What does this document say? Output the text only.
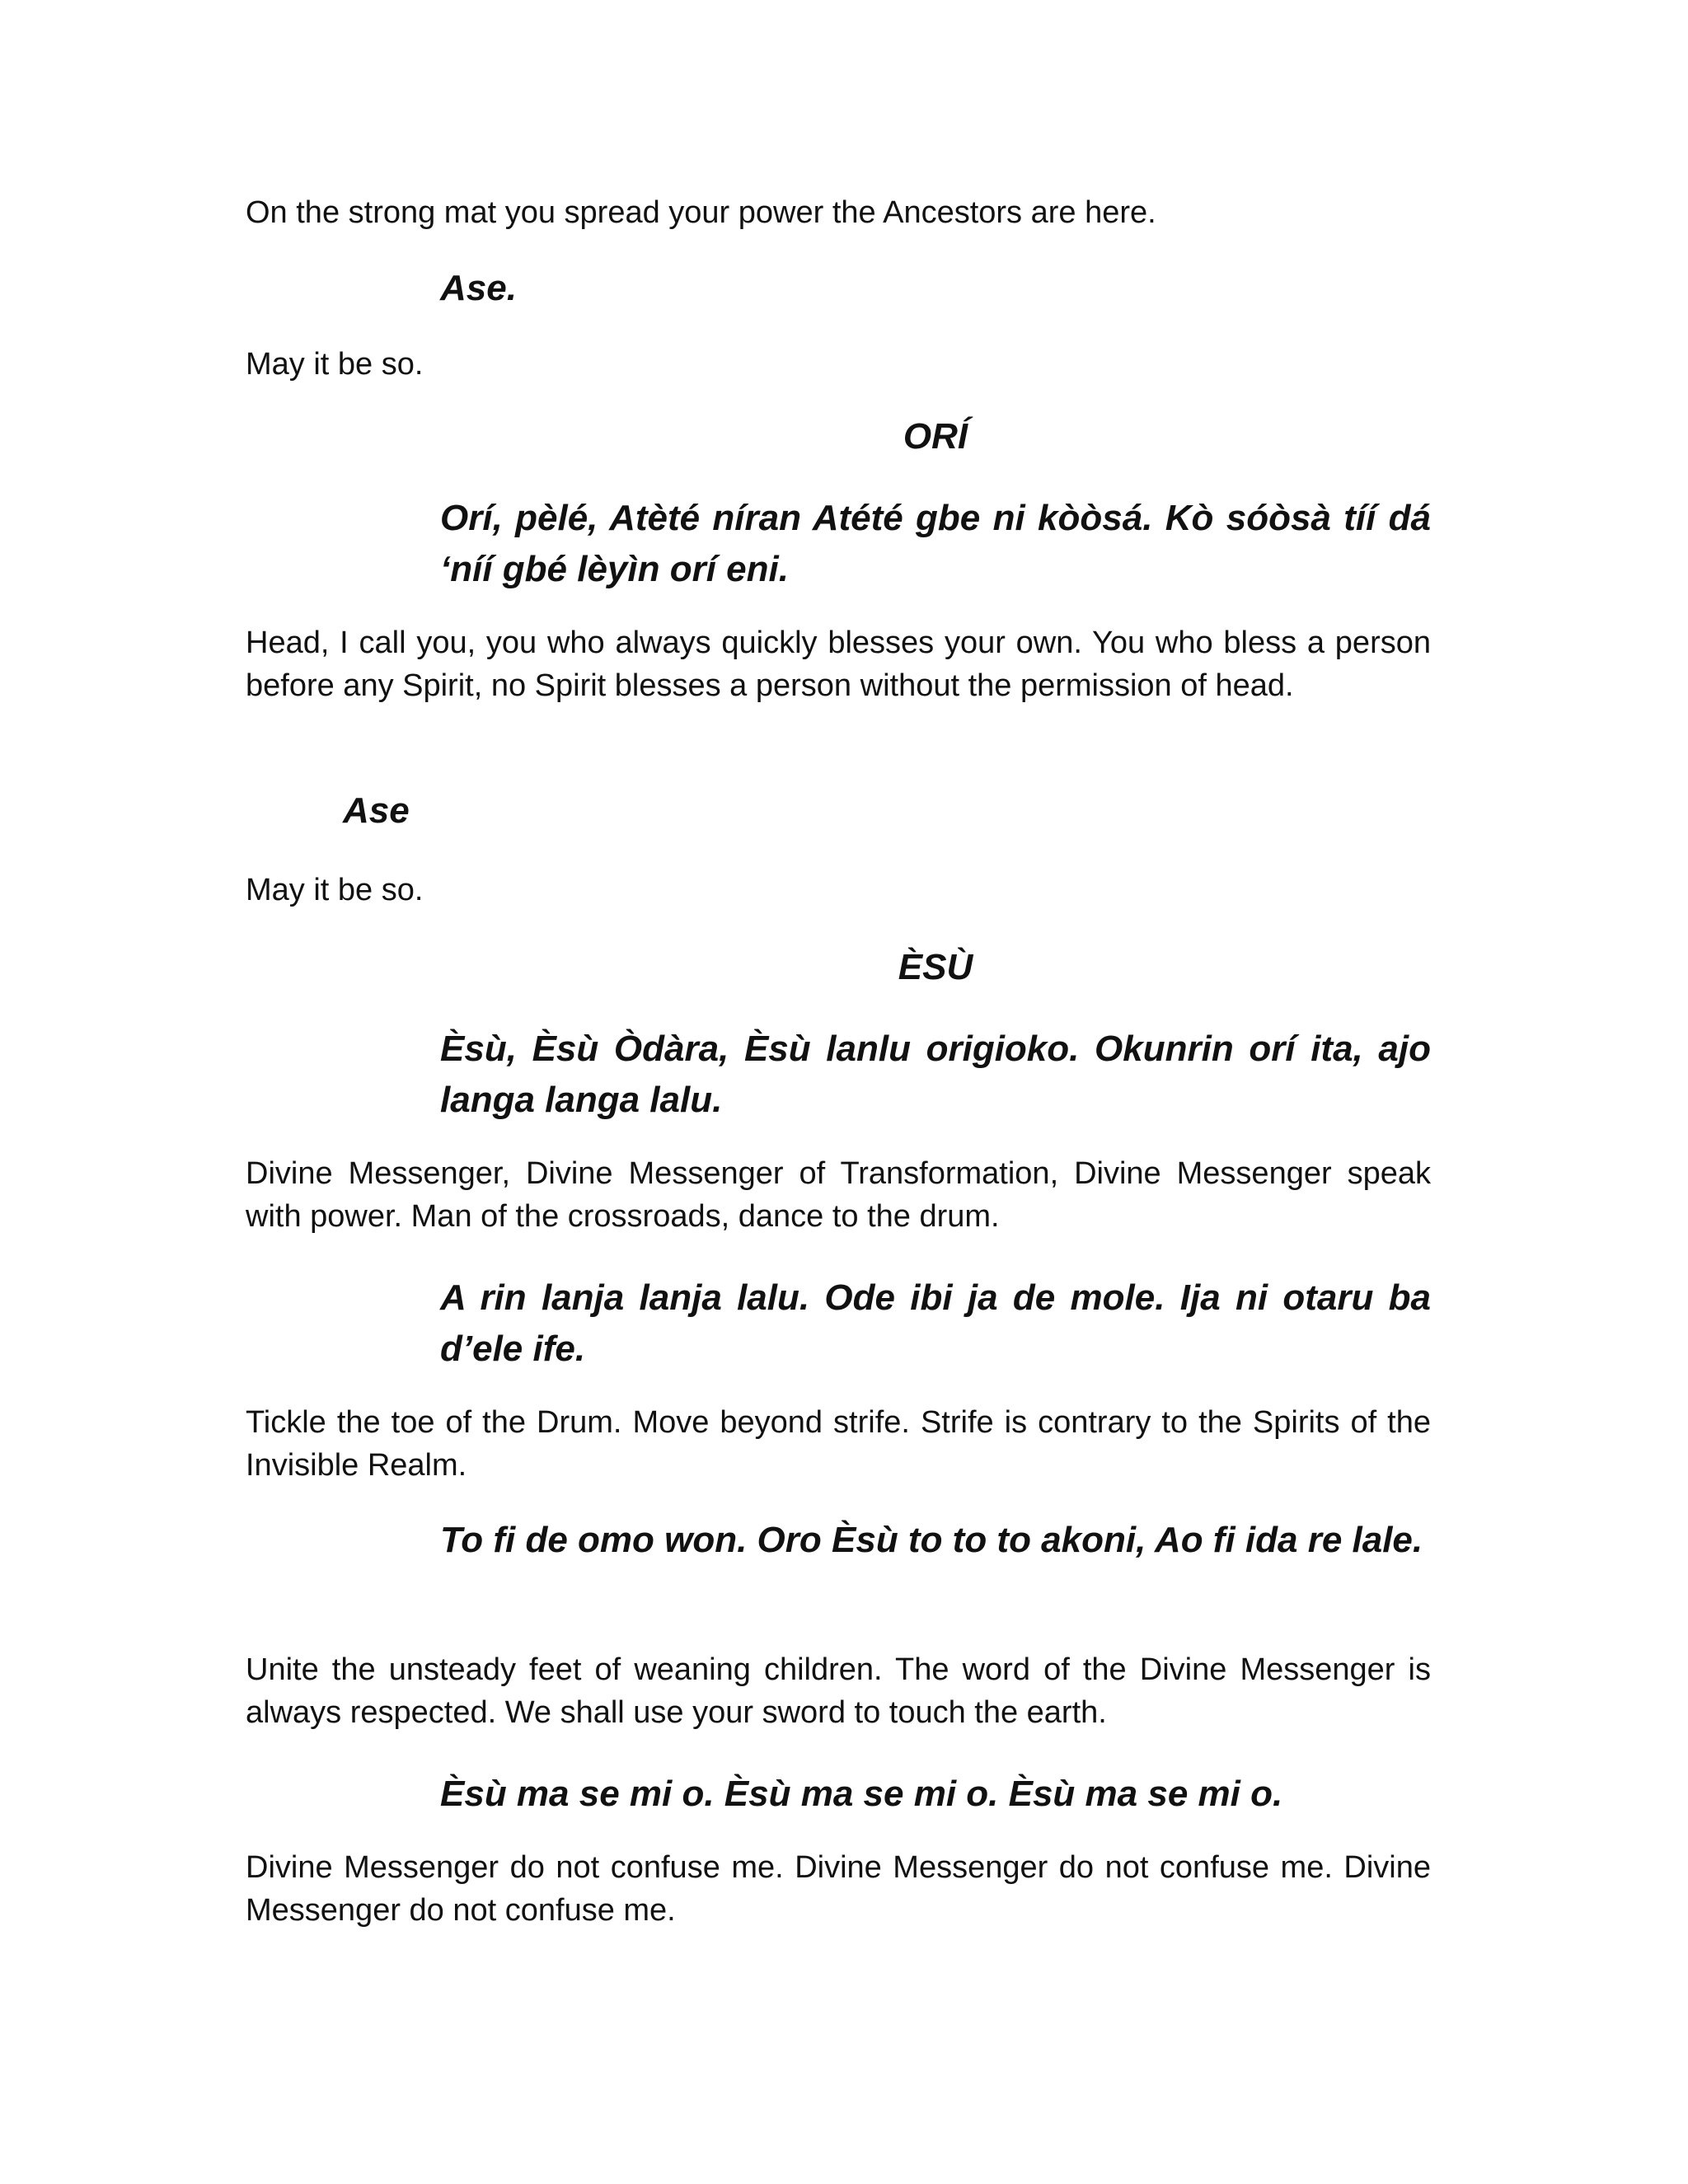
On the strong mat you spread your power the Ancestors are here.

Ase.

May it be so.

ORÍ

Orí, pèlé, Atèté níran Atété gbe ni kòòsá. Kò sóòsà tíí dá ‘níí gbé lèyìn orí eni.

Head, I call you, you who always quickly blesses your own. You who bless a person before any Spirit, no Spirit blesses a person without the permission of head.

Ase

May it be so.

ÈSÙ

Èsù, Èsù Òdàra, Èsù lanlu origioko. Okunrin orí ita, ajo langa langa lalu.

Divine Messenger, Divine Messenger of Transformation, Divine Messenger speak with power. Man of the crossroads, dance to the drum.

A rin lanja lanja lalu. Ode ibi ja de mole. Ija ni otaru ba d’ele ife.

Tickle the toe of the Drum. Move beyond strife. Strife is contrary to the Spirits of the Invisible Realm.

To fi de omo won. Oro Èsù to to to akoni, Ao fi ida re lale.

Unite the unsteady feet of weaning children. The word of the Divine Messenger is always respected. We shall use your sword to touch the earth.

Èsù ma se mi o. Èsù ma se mi o. Èsù ma se mi o.

Divine Messenger do not confuse me. Divine Messenger do not confuse me. Divine Messenger do not confuse me.
